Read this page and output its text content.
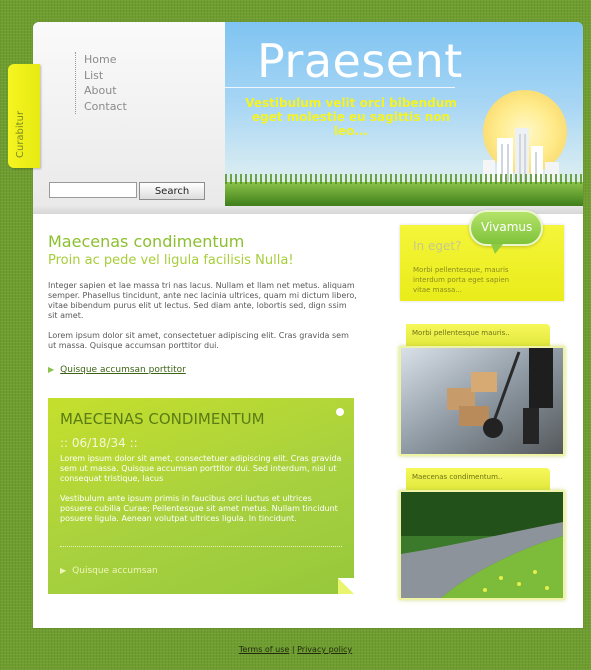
Curabitur
Home
List
About
Contact
Search
Praesent
Vestibulum velit orci bibendum eget molestie eu sagittis non leo...
Maecenas condimentum
Proin ac pede vel ligula facilisis Nulla!

Integer sapien et lae massa tri nas lacus. Nullam et llam net metus. aliquam semper. Phasellus tincidunt, ante nec lacinia ultrices, quam mi dictum libero, vitae bibendum purus elit ut lectus. Sed diam ante, lobortis sed, dign ssim sit amet.

Lorem ipsum dolor sit amet, consectetuer adipiscing elit. Cras gravida sem ut massa. Quisque accumsan porttitor dui.

▶ Quisque accumsan porttitor
MAECENAS CONDIMENTUM
:: 06/18/34 ::

Lorem ipsum dolor sit amet, consectetuer adipiscing elit. Cras gravida sem ut massa. Quisque accumsan porttitor dui. Sed interdum, nisl ut consequat tristique, lacus

Vestibulum ante ipsum primis in faucibus orci luctus et ultrices posuere cubilia Curae; Pellentesque sit amet metus. Nullam tincidunt posuere ligula. Aenean volutpat ultrices ligula. In tincidunt.

▶ Quisque accumsan
In eget?

Morbi pellentesque, mauris interdum porta eget sapien vitae massa...

Morbi pellentesque mauris..
Maecenas condimentum..
Vivamus
Terms of use | Privacy policy
